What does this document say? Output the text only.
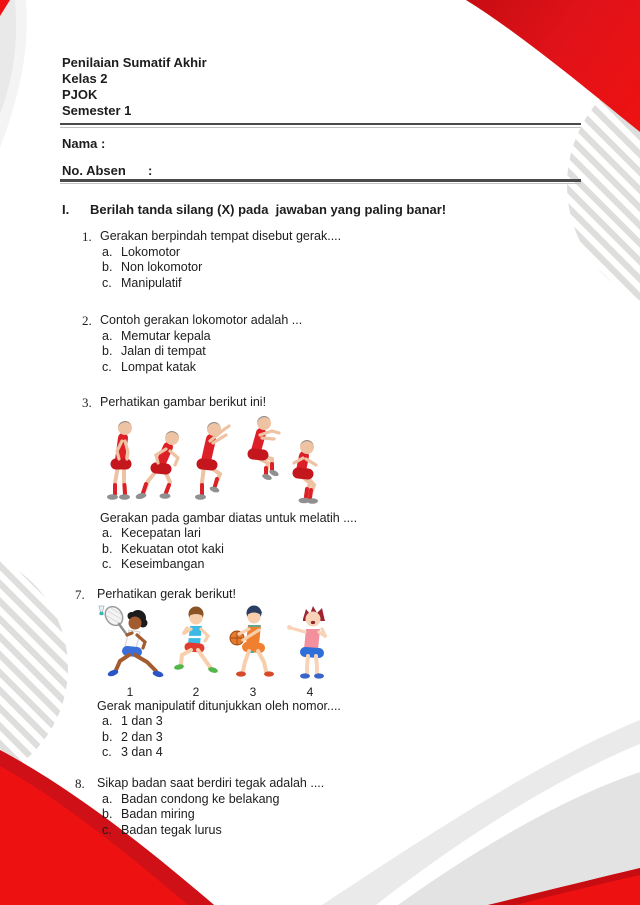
Penilaian Sumatif Akhir
Kelas 2
PJOK
Semester 1
Nama :
No. Absen :
I.	Berilah tanda silang (X) pada  jawaban yang paling banar!
1. Gerakan berpindah tempat disebut gerak....
a. Lokomotor
b. Non lokomotor
c. Manipulatif
2. Contoh gerakan lokomotor adalah ...
a. Memutar kepala
b. Jalan di tempat
c. Lompat katak
3. Perhatikan gambar berikut ini!
Gerakan pada gambar diatas untuk melatih ....
a. Kecepatan lari
b. Kekuatan otot kaki
c. Keseimbangan
7. Perhatikan gerak berikut!
1	2	3	4
Gerak manipulatif ditunjukkan oleh nomor....
a. 1 dan 3
b. 2 dan 3
c. 3 dan 4
8. Sikap badan saat berdiri tegak adalah ....
a. Badan condong ke belakang
b. Badan miring
c. Badan tegak lurus
